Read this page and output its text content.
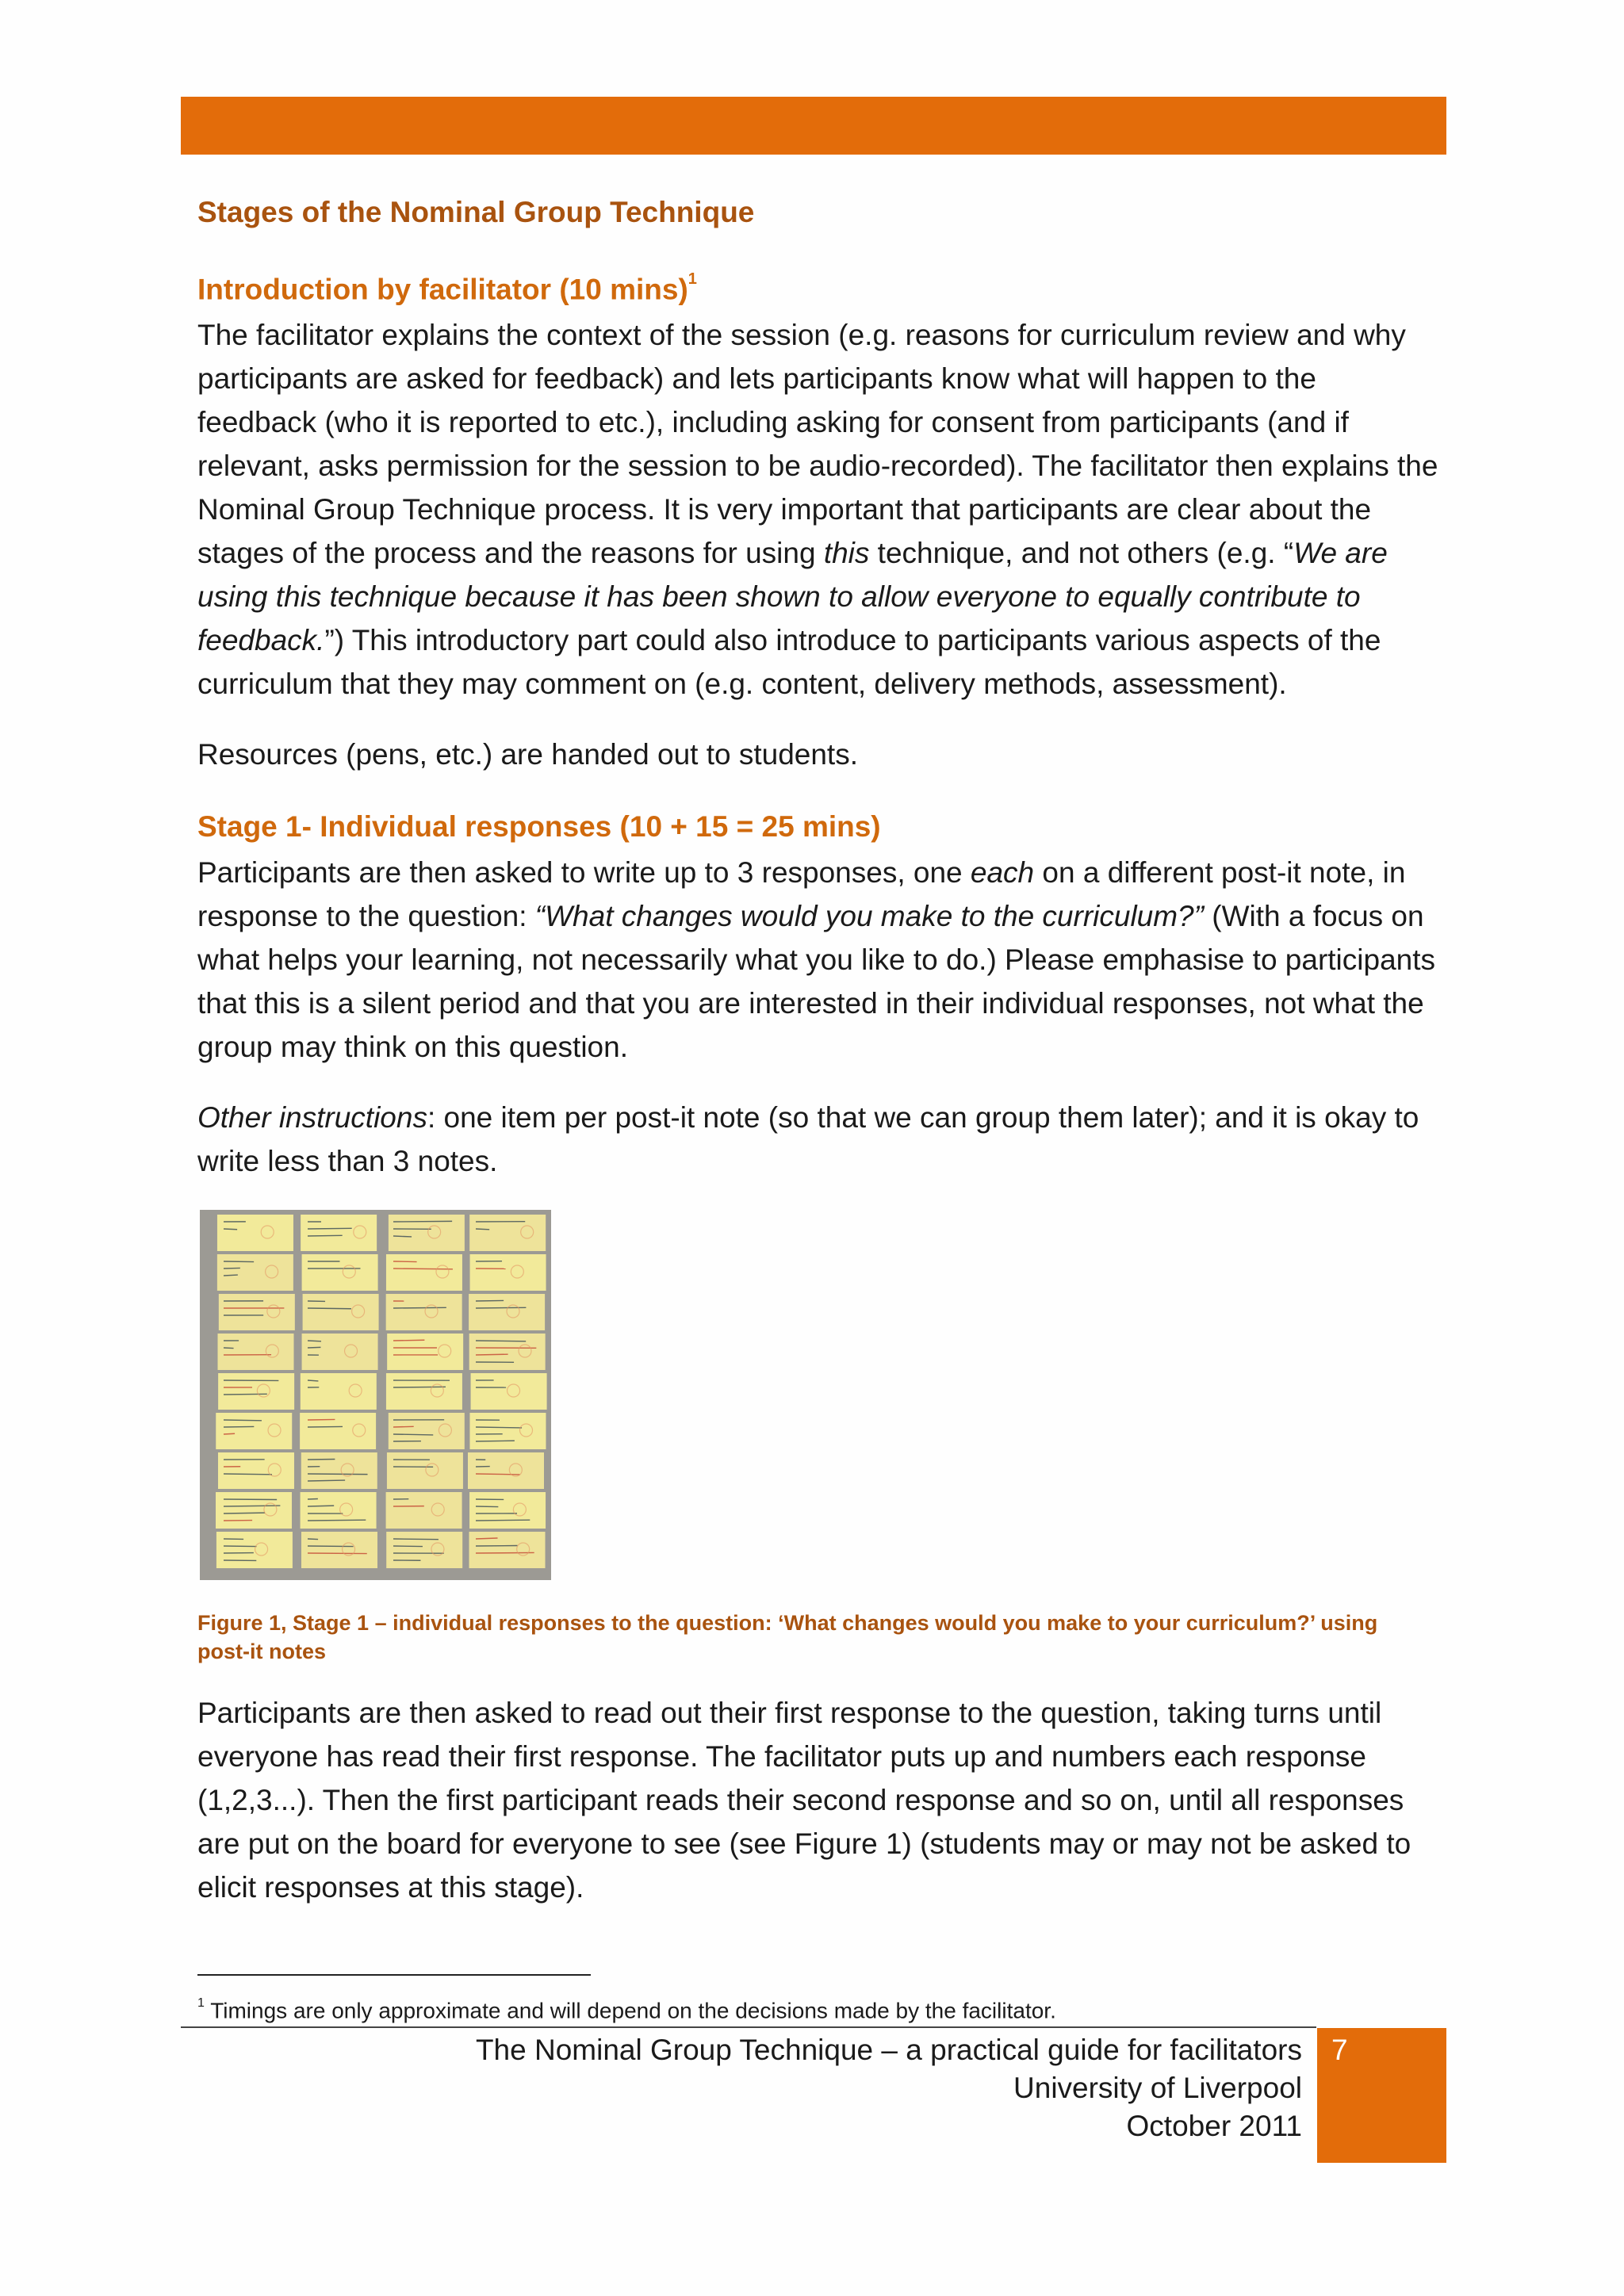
Stages of the Nominal Group Technique
Introduction by facilitator (10 mins)$^1$

The facilitator explains the context of the session (e.g. reasons for curriculum review and why participants are asked for feedback) and lets participants know what will happen to the feedback (who it is reported to etc.), including asking for consent from participants (and if relevant, asks permission for the session to be audio-recorded). The facilitator then explains the Nominal Group Technique process. It is very important that participants are clear about the stages of the process and the reasons for using this technique, and not others (e.g. “We are using this technique because it has been shown to allow everyone to equally contribute to feedback.”) This introductory part could also introduce to participants various aspects of the curriculum that they may comment on (e.g. content, delivery methods, assessment).

Resources (pens, etc.) are handed out to students.

Stage 1- Individual responses (10 + 15 = 25 mins)

Participants are then asked to write up to 3 responses, one each on a different post-it note, in response to the question: “What changes would you make to the curriculum?” (With a focus on what helps your learning, not necessarily what you like to do.) Please emphasise to participants that this is a silent period and that you are interested in their individual responses, not what the group may think on this question.

Other instructions: one item per post-it note (so that we can group them later); and it is okay to write less than 3 notes.

Figure 1, Stage 1 – individual responses to the question: ‘What changes would you make to your curriculum?’ using post-it notes

Participants are then asked to read out their first response to the question, taking turns until everyone has read their first response. The facilitator puts up and numbers each response (1,2,3...). Then the first participant reads their second response and so on, until all responses are put on the board for everyone to see (see Figure 1) (students may or may not be asked to elicit responses at this stage).

$^1$ Timings are only approximate and will depend on the decisions made by the facilitator.
The Nominal Group Technique – a practical guide for facilitators
University of Liverpool
October 2011
7
